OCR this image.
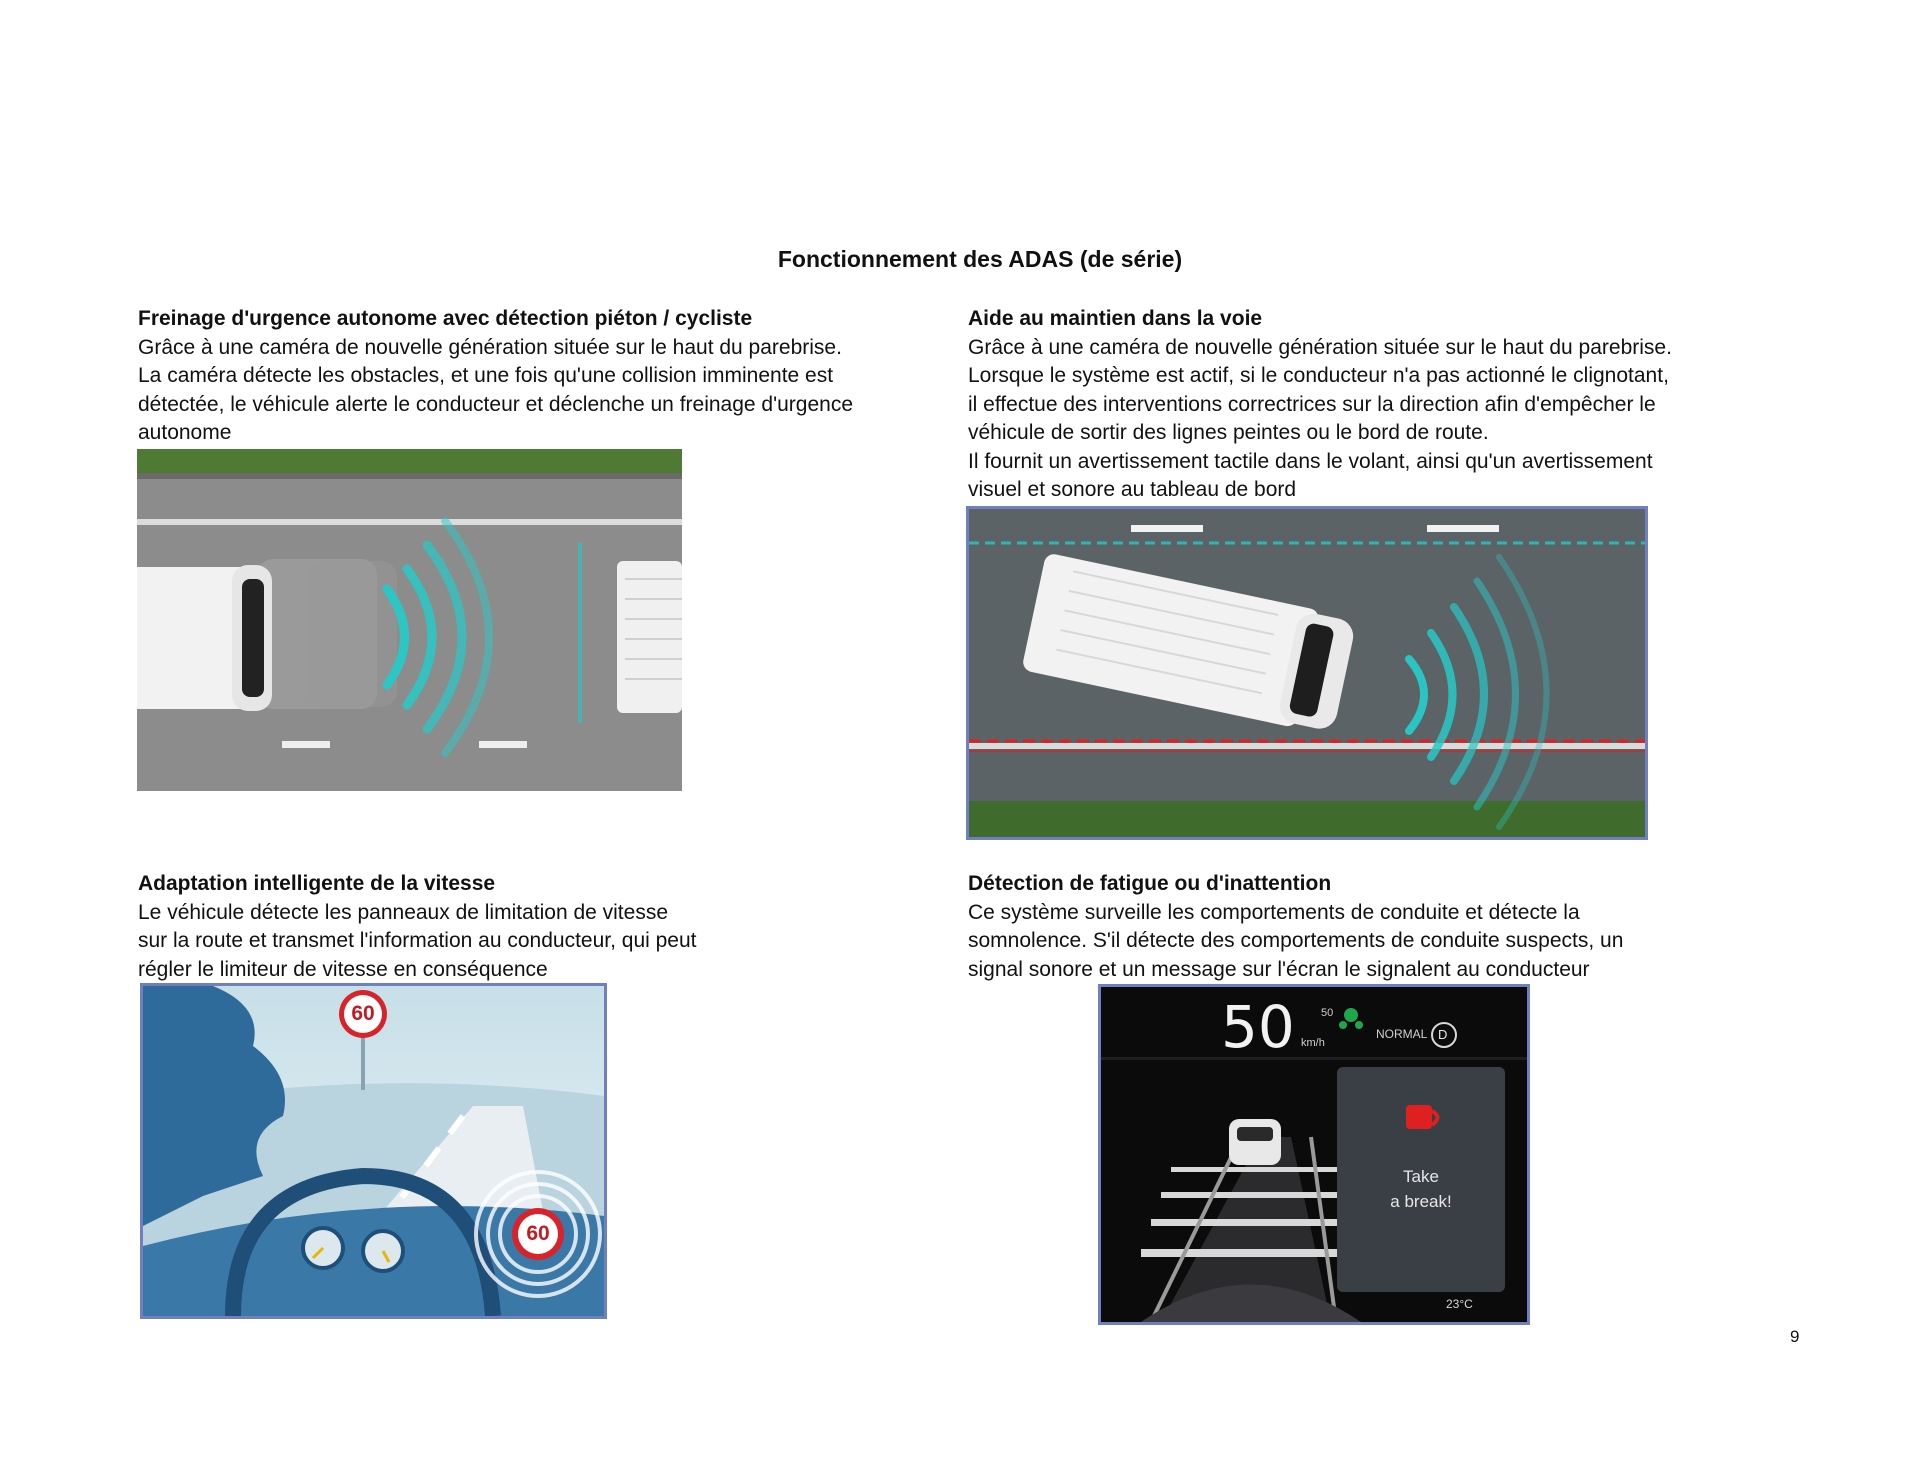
Fonctionnement des ADAS (de série)
Freinage d'urgence autonome avec détection piéton / cycliste

Grâce à une caméra de nouvelle génération située sur le haut du parebrise.
La caméra détecte les obstacles, et une fois qu'une collision imminente est
détectée, le véhicule alerte le conducteur et déclenche un freinage d'urgence
autonome

Aide au maintien dans la voie

Grâce à une caméra de nouvelle génération située sur le haut du parebrise.
Lorsque le système est actif, si le conducteur n'a pas actionné le clignotant,
il effectue des interventions correctrices sur la direction afin d'empêcher le
véhicule de sortir des lignes peintes ou le bord de route.
Il fournit un avertissement tactile dans le volant, ainsi qu'un avertissement
visuel et sonore au tableau de bord

Adaptation intelligente de la vitesse

Le véhicule détecte les panneaux de limitation de vitesse
sur la route et transmet l'information au conducteur, qui peut
régler le limiteur de vitesse en conséquence

Détection de fatigue ou d'inattention

Ce système surveille les comportements de conduite et détecte la
somnolence. S'il détecte des comportements de conduite suspects, un
signal sonore et un message sur l'écran le signalent au conducteur

60
60
50 km/h
50
NORMAL D
Take
a break!
23°C
9
